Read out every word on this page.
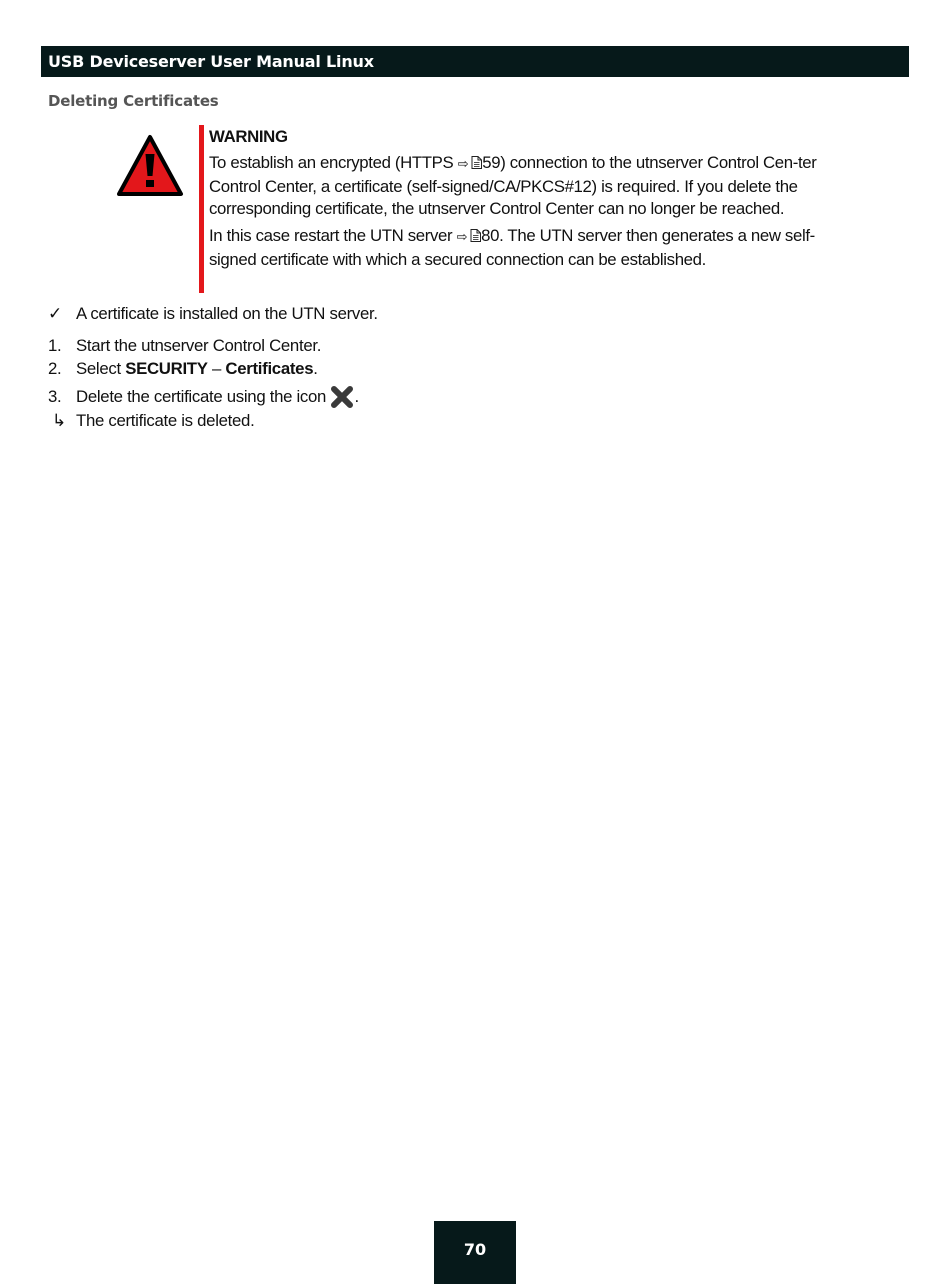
USB Deviceserver User Manual Linux
Deleting Certificates
WARNING

To establish an encrypted (HTTPS ⇨ 59) connection to the utnserver Control Cen-ter Control Center, a certificate (self-signed/CA/PKCS#12) is required. If you delete the corresponding certificate, the utnserver Control Center can no longer be reached.

In this case restart the UTN server ⇨ 80. The UTN server then generates a new self-signed certificate with which a secured connection can be established.

✓ A certificate is installed on the UTN server.
1. Start the utnserver Control Center.
2. Select SECURITY – Certificates.
3. Delete the certificate using the icon .
↳ The certificate is deleted.
70
